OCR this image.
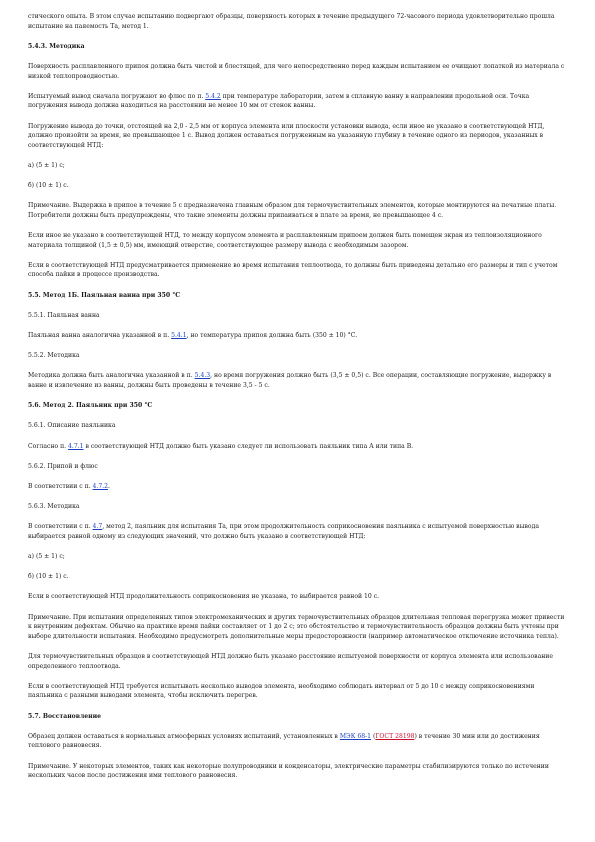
стического опыта. В этом случае испытанию подвергают образцы, поверхность которых в течение предыдущего 72-часового периода удовлетворительно прошла испытание на паяемость Та, метод 1.
5.4.3. Методика
Поверхность расплавленного припоя должна быть чистой и блестящей, для чего непосредственно перед каждым испытанием ее очищают лопаткой из материала с низкой теплопроводностью.
Испытуемый вывод сначала погружают во флюс по п. 5.4.2 при температуре лаборатории, затем в сплавную ванну в направлении продольной оси. Точка погружения вывода должна находиться на расстоянии не менее 10 мм от стенок ванны.
Погружение вывода до точки, отстоящей на 2,0 - 2,5 мм от корпуса элемента или плоскости установки вывода, если иное не указано в соответствующей НТД, должно произойти за время, не превышающее 1 с. Вывод должен оставаться погруженным на указанную глубину в течение одного из периодов, указанных в соответствующей НТД:
а) (5 ± 1) с;
б) (10 ± 1) с.
Примечание. Выдержка в припое в течение 5 с предназначена главным образом для термочувствительных элементов, которые монтируются на печатные платы. Потребители должны быть предупреждены, что такие элементы должны припаиваться в плате за время, не превышающее 4 с.
Если иное не указано в соответствующей НТД, то между корпусом элемента и расплавленным припоем должен быть помещен экран из теплоизоляционного материала толщиной (1,5 ± 0,5) мм, имеющий отверстие, соответствующее размеру вывода с необходимым зазором.
Если в соответствующей НТД предусматривается применение во время испытания теплоотвода, то должны быть приведены детально его размеры и тип с учетом способа пайки в процессе производства.
5.5. Метод 1Б. Паяльная ванна при 350 °C
5.5.1. Паяльная ванна
Паяльная ванна аналогична указанной в п. 5.4.1, но температура припоя должна быть (350 ± 10) °C.
5.5.2. Методика
Методика должна быть аналогична указанной в п. 5.4.3, но время погружения должно быть (3,5 ± 0,5) с. Все операции, составляющие погружение, выдержку в ванне и извлечение из ванны, должны быть проведены в течение 3,5 - 5 с.
5.6. Метод 2. Паяльник при 350 °C
5.6.1. Описание паяльника
Согласно п. 4.7.1 в соответствующей НТД должно быть указано следует ли использовать паяльник типа А или типа В.
5.6.2. Припой и флюс
В соответствии с п. 4.7.2.
5.6.3. Методика
В соответствии с п. 4.7, метод 2, паяльник для испытания Та, при этом продолжительность соприкосновения паяльника с испытуемой поверхностью вывода выбирается равной одному из следующих значений, что должно быть указано в соответствующей НТД:
а) (5 ± 1) с;
б) (10 ± 1) с.
Если в соответствующей НТД продолжительность соприкосновения не указана, то выбирается равной 10 с.
Примечание. При испытании определенных типов электромеханических и других термочувствительных образцов длительная тепловая перегрузка может привести к внутренним дефектам. Обычно на практике время пайки составляет от 1 до 2 с; это обстоятельство и термочувствительность образцов должны быть учтены при выборе длительности испытания. Необходимо предусмотреть дополнительные меры предосторожности (например автоматическое отключение источника тепла).
Для термочувствительных образцов в соответствующей НТД должно быть указано расстояние испытуемой поверхности от корпуса элемента или использование определенного теплоотвода.
Если в соответствующей НТД требуется испытывать несколько выводов элемента, необходимо соблюдать интервал от 5 до 10 с между соприкосновениями паяльника с разными выводами элемента, чтобы исключить перегрев.
5.7. Восстановление
Образец должен оставаться в нормальных атмосферных условиях испытаний, установленных в МЭК 68-1 (ГОСТ 28198) в течение 30 мин или до достижения теплового равновесия.
Примечание. У некоторых элементов, таких как некоторые полупроводники и конденсаторы, электрические параметры стабилизируются только по истечении нескольких часов после достижения ими теплового равновесия.
